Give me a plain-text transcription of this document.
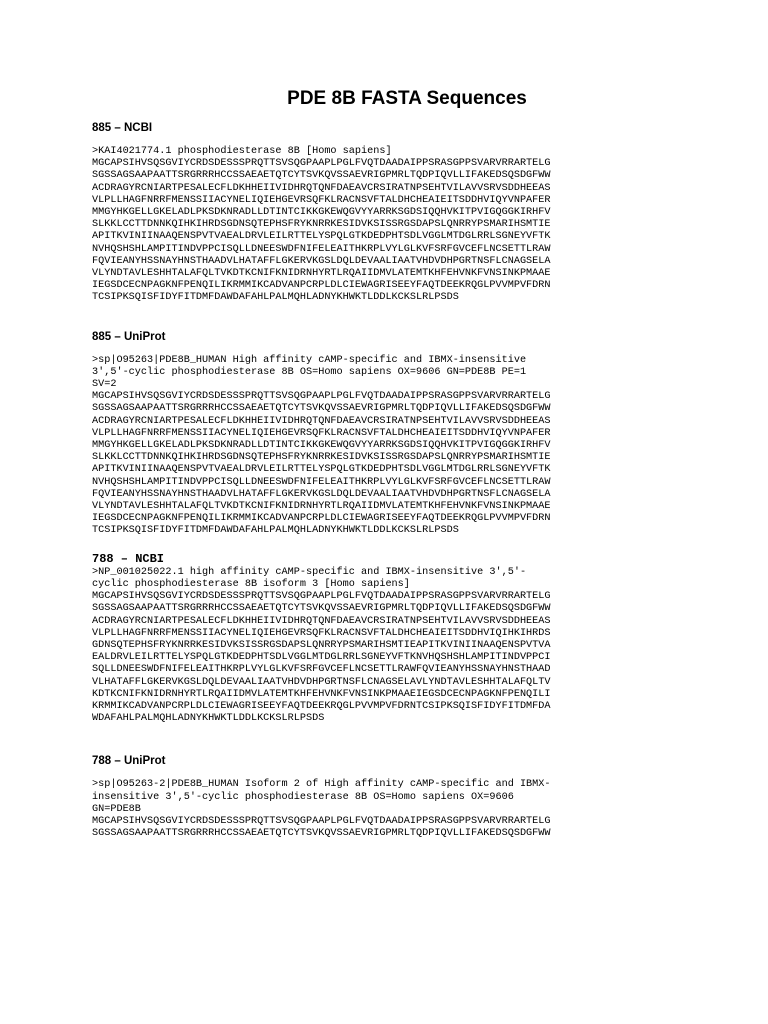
PDE 8B FASTA Sequences
885 – NCBI
>KAI4021774.1 phosphodiesterase 8B [Homo sapiens]
MGCAPSIHVSQSGVIYCRDSDESSSPRQTTSVSQGPAAPLPGLFVQTDAADAIPPSRASGPPSVARVRRARTELG
SGSSAGSAAPAATTSRGRRRHCCSSAEAETQTCYTSVKQVSSAEVRIGPMRLTQDPIQVLLIFAKEDSQSDGFWW
ACDRAGYRCNIARTPESALECFLDKHHEIIVIDHRQTQNFDAEAVCRSIRATNPSEHTVILAVVSRVSDDHEEAS
VLPLLHAGFNRRFMENSSIIACYNELIQIEHGEVRSQFKLRACNSVFTALDHCHEAIEITSDDHVIQYVNPAFER
MMGYHKGELLGKELADLPKSDKNRADLLDTINTCIKKGKEWQGVYYARRKSGDSIQQHVKITPVIGQGGKIRHFV
SLKKLCCTTDNNKQIHKIHRDSGDNSQTEPHSFRYKNRRKESIDVKSISSRGSDAPSLQNRRYPSMARIHSMTIE
APITKVINIINAAQENSPVTVAEALDRVLEILRTTELYSPQLGTKDEDPHTSDLVGGLMTDGLRRLSGNEYVFTK
NVHQSHSHLAMPITINDVPPCISQLLDNEESWDFNIFELEAITHKRPLVYLGLKVFSRFGVCEFLNCSETTLRAW
FQVIEANYHSSNAYHNSTHAADVLHATAFFLGKERVKGSLDQLDEVAALIAATVHDVDHPGRTNSFLCNAGSELA
VLYNDTAVLESHHTALAFQLTVKDTKCNIFKNIDRNHYRTLRQAIIDMVLATEMTKHFEHVNKFVNSINKPMAAE
IEGSDCECNPAGKNFPENQILIKRMMIKCADVANPCRPLDLCIEWAGRISEEYFAQTDEEKRQGLPVVMPVFDRN
TCSIPKSQISFIDYFITDMFDAWDAFAHLPALMQHLADNYKHWKTLDDLKCKSLRLPSDS
885 – UniProt
>sp|O95263|PDE8B_HUMAN High affinity cAMP-specific and IBMX-insensitive
3',5'-cyclic phosphodiesterase 8B OS=Homo sapiens OX=9606 GN=PDE8B PE=1
SV=2
MGCAPSIHVSQSGVIYCRDSDESSSPRQTTSVSQGPAAPLPGLFVQTDAADAIPPSRASGPPSVARVRRARTELG
SGSSAGSAAPAATTSRGRRRHCCSSAEAETQTCYTSVKQVSSAEVRIGPMRLTQDPIQVLLIFAKEDSQSDGFWW
ACDRAGYRCNIARTPESALECFLDKHHEIIVIDHRQTQNFDAEAVCRSIRATNPSEHTVILAVVSRVSDDHEEAS
VLPLLHAGFNRRFMENSSIIACYNELIQIEHGEVRSQFKLRACNSVFTALDHCHEAIEITSDDHVIQYVNPAFER
MMGYHKGELLGKELADLPKSDKNRADLLDTINTCIKKGKEWQGVYYARRKSGDSIQQHVKITPVIGQGGKIRHFV
SLKKLCCTTDNNKQIHKIHRDSGDNSQTEPHSFRYKNRRKESIDVKSISSRGSDAPSLQNRRYPSMARIHSMTIE
APITKVINIINAAQENSPVTVAEALDRVLEILRTTELYSPQLGTKDEDPHTSDLVGGLMTDGLRRLSGNEYVFTK
NVHQSHSHLAMPITINDVPPCISQLLDNEESWDFNIFELEAITHKRPLVYLGLKVFSRFGVCEFLNCSETTLRAW
FQVIEANYHSSNAYHNSTHAADVLHATAFFLGKERVKGSLDQLDEVAALIAATVHDVDHPGRTNSFLCNAGSELA
VLYNDTAVLESHHTALAFQLTVKDTKCNIFKNIDRNHYRTLRQAIIDMVLATEMTKHFEHVNKFVNSINKPMAAE
IEGSDCECNPAGKNFPENQILIKRMMIKCADVANPCRPLDLCIEWAGRISEEYFAQTDEEKRQGLPVVMPVFDRN
TCSIPKSQISFIDYFITDMFDAWDAFAHLPALMQHLADNYKHWKTLDDLKCKSLRLPSDS
788 – NCBI
>NP_001025022.1 high affinity cAMP-specific and IBMX-insensitive 3',5'-
cyclic phosphodiesterase 8B isoform 3 [Homo sapiens]
MGCAPSIHVSQSGVIYCRDSDESSSPRQTTSVSQGPAAPLPGLFVQTDAADAIPPSRASGPPSVARVRRARTELG
SGSSAGSAAPAATTSRGRRRHCCSSAEAETQTCYTSVKQVSSAEVRIGPMRLTQDPIQVLLIFAKEDSQSDGFWW
ACDRAGYRCNIARTPESALECFLDKHHEIIVIDHRQTQNFDAEAVCRSIRATNPSEHTVILAVVSRVSDDHEEAS
VLPLLHAGFNRRFMENSSIIACYNELIQIEHGEVRSQFKLRACNSVFTALDHCHEAIEITSDDHVIQIHKIHRDS
GDNSQTEPHSFRYKNRRKESIDVKSISSRGSDAPSLQNRRYPSMARIHSMTIEAPITKVINIINAAQENSPVTVA
EALDRVLEILRTTELYSPQLGTKDEDPHTSDLVGGLMTDGLRRLSGNEYVFTKNVHQSHSHLAMPITINDVPPCI
SQLLDNEESWDFNIFELEAITHKRPLVYLGLKVFSRFGVCEFLNCSETTLRAWFQVIEANYHSSNAYHNSTHAAD
VLHATAFFLGKERVKGSLDQLDEVAALIAATVHDVDHPGRTNSFLCNAGSELAVLYNDTAVLESHHTALAFQLTV
KDTKCNIFKNIDRNHYRTLRQAIIDMVLATEMTKHFEHVNKFVNSINKPMAAEIEGSDCECNPAGKNFPENQILI
KRMMIKCADVANPCRPLDLCIEWAGRISEEYFAQTDEEKRQGLPVVMPVFDRNTCSIPKSQISFIDYFITDMFDA
WDAFAHLPALMQHLADNYKHWKTLDDLKCKSLRLPSDS
788 – UniProt
>sp|O95263-2|PDE8B_HUMAN Isoform 2 of High affinity cAMP-specific and IBMX-
insensitive 3',5'-cyclic phosphodiesterase 8B OS=Homo sapiens OX=9606
GN=PDE8B
MGCAPSIHVSQSGVIYCRDSDESSSPRQTTSVSQGPAAPLPGLFVQTDAADAIPPSRASGPPSVARVRRARTELG
SGSSAGSAAPAATTSRGRRRHCCSSAEAETQTCYTSVKQVSSAEVRIGPMRLTQDPIQVLLIFAKEDSQSDGFWW
